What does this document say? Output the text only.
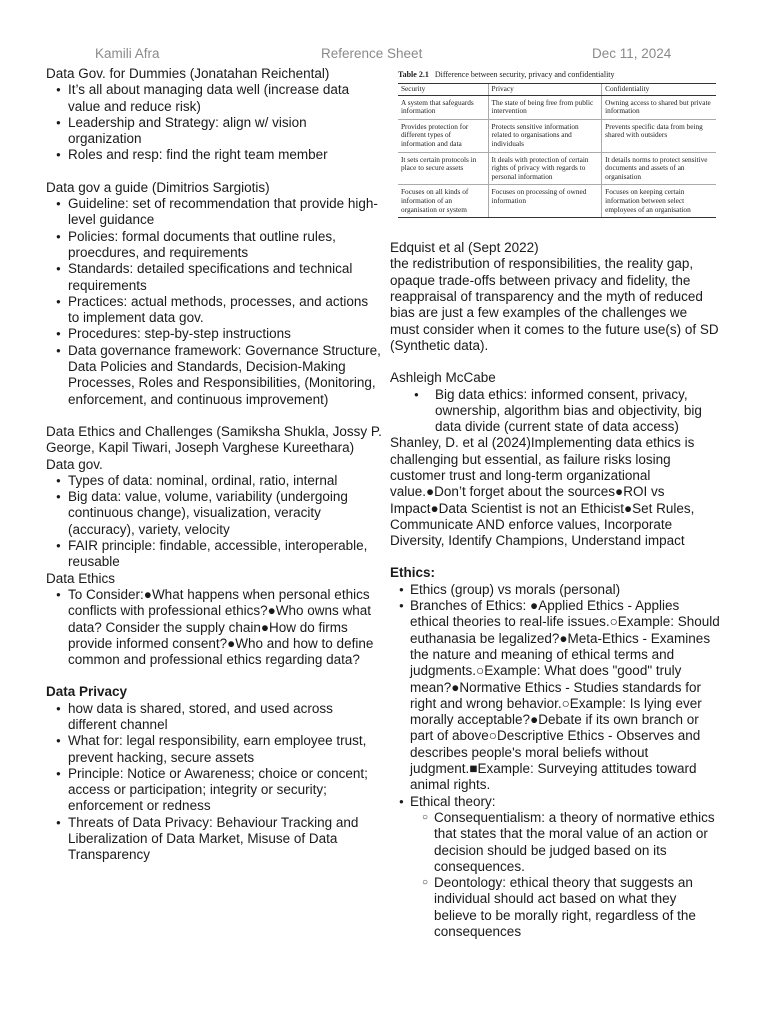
Kamili Afra	Reference Sheet	Dec 11, 2024

Data Gov. for Dummies (Jonatahan Reichental)

● It’s all about managing data well (increase data value and reduce risk)
● Leadership and Strategy: align w/ vision organization
● Roles and resp: find the right team member

Data gov a guide (Dimitrios Sargiotis)

● Guideline: set of recommendation that provide high-level guidance
● Policies: formal documents that outline rules, proecdures, and requirements
● Standards: detailed specifications and technical requirements
● Practices: actual methods, processes, and actions to implement data gov.
● Procedures: step-by-step instructions
● Data governance framework: Governance Structure, Data Policies and Standards, Decision-Making Processes, Roles and Responsibilities, (Monitoring, enforcement, and continuous improvement)

Data Ethics and Challenges (Samiksha Shukla, Jossy P. George, Kapil Tiwari, Joseph Varghese Kureethara)

Data gov.

● Types of data: nominal, ordinal, ratio, internal
● Big data: value, volume, variability (undergoing continuous change), visualization, veracity (accuracy), variety, velocity
● FAIR principle: findable, accessible, interoperable, reusable

Data Ethics

● To Consider:●What happens when personal ethics conflicts with professional ethics?●Who owns what data? Consider the supply chain●How do firms provide informed consent?●Who and how to define common and professional ethics regarding data?

Data Privacy

● how data is shared, stored, and used across different channel
● What for: legal responsibility, earn employee trust, prevent hacking, secure assets
● Principle: Notice or Awareness; choice or concent; access or participation; integrity or security; enforcement or redness
● Threats of Data Privacy: Behaviour Tracking and Liberalization of Data Market, Misuse of Data Transparency
Table 2.1 Difference between security, privacy and confidentiality
Security	Privacy	Confidentiality
A system that safeguards information	The state of being free from public intervention	Owning access to shared but private information
Provides protection for different types of information and data	Protects sensitive information related to organisations and individuals	Prevents specific data from being shared with outsiders
It sets certain protocols in place to secure assets	It deals with protection of certain rights of privacy with regards to personal information	It details norms to protect sensitive documents and assets of an organisation
Focuses on all kinds of information of an organisation or system	Focuses on processing of owned information	Focuses on keeping certain information between select employees of an organisation

Edquist et al (Sept 2022)

the redistribution of responsibilities, the reality gap, opaque trade-offs between privacy and fidelity, the reappraisal of transparency and the myth of reduced bias are just a few examples of the challenges we must consider when it comes to the future use(s) of SD (Synthetic data).

Ashleigh McCabe

● Big data ethics: informed consent, privacy, ownership, algorithm bias and objectivity, big data divide (current state of data access)

Shanley, D. et al (2024)Implementing data ethics is challenging but essential, as failure risks losing customer trust and long-term organizational value.●Don’t forget about the sources●ROI vs Impact●Data Scientist is not an Ethicist●Set Rules, Communicate AND enforce values, Incorporate Diversity, Identify Champions, Understand impact

Ethics:

● Ethics (group) vs morals (personal)
● Branches of Ethics: ●Applied Ethics - Applies ethical theories to real-life issues.○Example: Should euthanasia be legalized?●Meta-Ethics - Examines the nature and meaning of ethical terms and judgments.○Example: What does "good" truly mean?●Normative Ethics - Studies standards for right and wrong behavior.○Example: Is lying ever morally acceptable?●Debate if its own branch or part of above○Descriptive Ethics - Observes and describes people's moral beliefs without judgment.■Example: Surveying attitudes toward animal rights.
● Ethical theory:
○ Consequentialism: a theory of normative ethics that states that the moral value of an action or decision should be judged based on its consequences.
○ Deontology: ethical theory that suggests an individual should act based on what they believe to be morally right, regardless of the consequences
